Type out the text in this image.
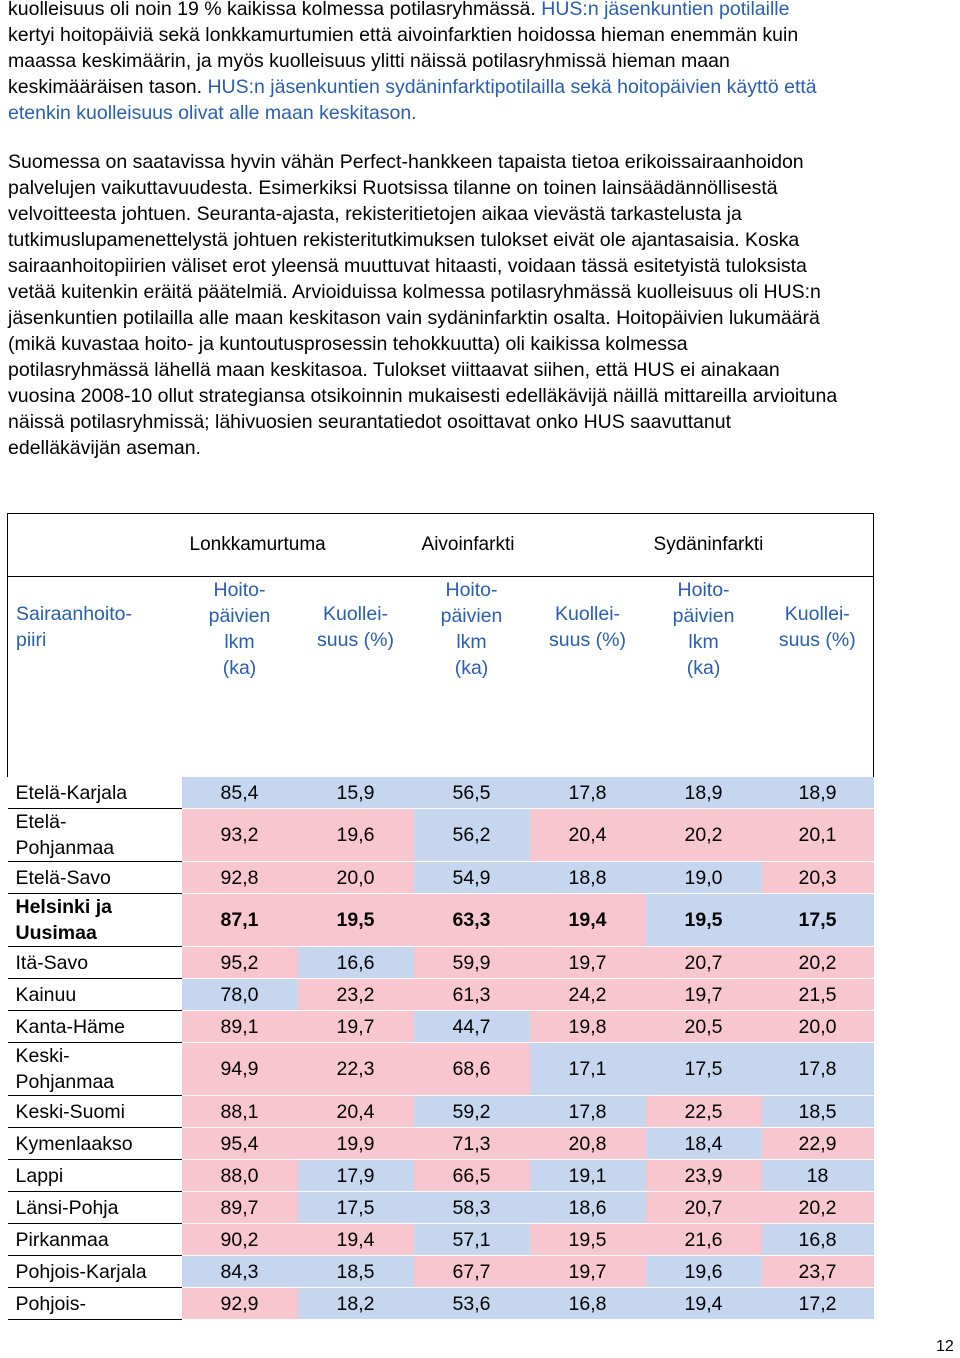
kuolleisuus oli noin 19 % kaikissa kolmessa potilasryhmässä. HUS:n jäsenkuntien potilaille
kertyi hoitopäiviä sekä lonkkamurtumien että aivoinfarktien hoidossa hieman enemmän kuin
maassa keskimäärin, ja myös kuolleisuus ylitti näissä potilasryhmissä hieman maan
keskimääräisen tason. HUS:n jäsenkuntien sydäninfarktipotilailla sekä hoitopäivien käyttö että
etenkin kuolleisuus olivat alle maan keskitason.
Suomessa on saatavissa hyvin vähän Perfect-hankkeen tapaista tietoa erikoissairaanhoidon
palvelujen vaikuttavuudesta. Esimerkiksi Ruotsissa tilanne on toinen lainsäädännöllisestä
velvoitteesta johtuen. Seuranta-ajasta, rekisteritietojen aikaa vievästä tarkastelusta ja
tutkimuslupamenettelystä johtuen rekisteritutkimuksen tulokset eivät ole ajantasaisia. Koska
sairaanhoitopiirien väliset erot yleensä muuttuvat hitaasti, voidaan tässä esitetyistä tuloksista
vetää kuitenkin eräitä päätelmiä. Arvioiduissa kolmessa potilasryhmässä kuolleisuus oli HUS:n
jäsenkuntien potilailla alle maan keskitason vain sydäninfarktin osalta. Hoitopäivien lukumäärä
(mikä kuvastaa hoito- ja kuntoutusprosessin tehokkuutta) oli kaikissa kolmessa
potilasryhmässä lähellä maan keskitasoa. Tulokset viittaavat siihen, että HUS ei ainakaan
vuosina 2008-10 ollut strategiansa otsikoinnin mukaisesti edelläkävijä näillä mittareilla arvioituna
näissä potilasryhmissä; lähivuosien seurantatiedot osoittavat onko HUS saavuttanut
edelläkävijän aseman.
	Lonkkamurtuma		Aivoinfarkti		Sydäninfarkti	

Sairaanhoito-
piiri	Hoito-
päivien
lkm
(ka)	Kuollei-
suus (%)	Hoito-
päivien
lkm
(ka)	Kuollei-
suus (%)	Hoito-
päivien
lkm
(ka)	Kuollei-
suus (%)

Etelä-Karjala	85,4	15,9	56,5	17,8	18,9	18,9

Etelä-
Pohjanmaa	93,2	19,6	56,2	20,4	20,2	20,1

Etelä-Savo	92,8	20,0	54,9	18,8	19,0	20,3

Helsinki ja
Uusimaa	87,1	19,5	63,3	19,4	19,5	17,5

Itä-Savo	95,2	16,6	59,9	19,7	20,7	20,2

Kainuu	78,0	23,2	61,3	24,2	19,7	21,5

Kanta-Häme	89,1	19,7	44,7	19,8	20,5	20,0

Keski-
Pohjanmaa	94,9	22,3	68,6	17,1	17,5	17,8

Keski-Suomi	88,1	20,4	59,2	17,8	22,5	18,5

Kymenlaakso	95,4	19,9	71,3	20,8	18,4	22,9

Lappi	88,0	17,9	66,5	19,1	23,9	18

Länsi-Pohja	89,7	17,5	58,3	18,6	20,7	20,2

Pirkanmaa	90,2	19,4	57,1	19,5	21,6	16,8

Pohjois-Karjala	84,3	18,5	67,7	19,7	19,6	23,7

Pohjois-	92,9	18,2	53,6	16,8	19,4	17,2
12
